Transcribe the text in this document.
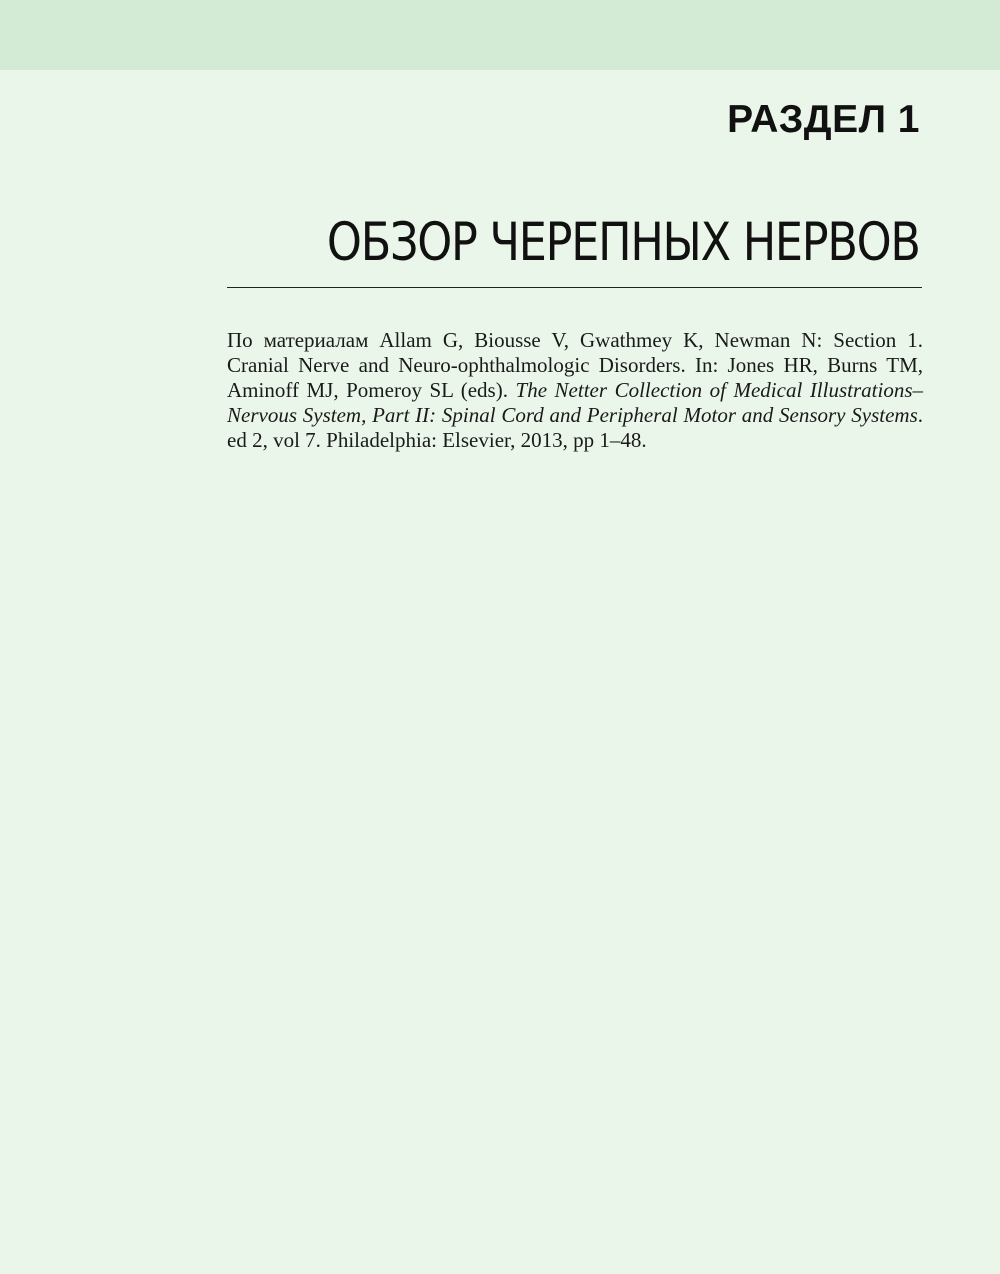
РАЗДЕЛ 1
ОБЗОР ЧЕРЕПНЫХ НЕРВОВ

По материалам Allam G, Biousse V, Gwathmey K, Newman N: Section 1. Cranial Nerve and Neuro-ophthalmologic Disorders. In: Jones HR, Burns TM, Aminoff MJ, Pomeroy SL (eds). The Netter Collection of Medical Illustrations–Nervous System, Part II: Spinal Cord and Peripheral Motor and Sensory Systems. ed 2, vol 7. Philadelphia: Elsevier, 2013, pp 1–48.
